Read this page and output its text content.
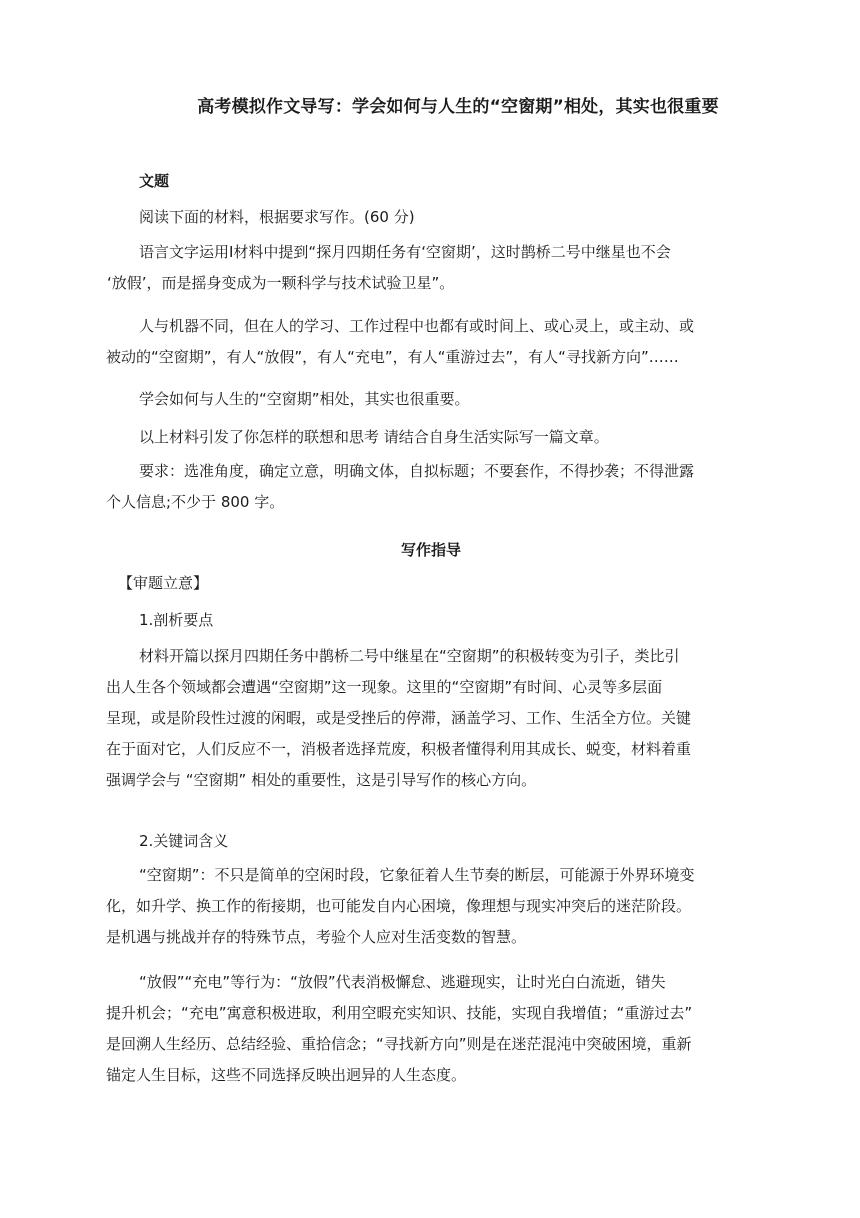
高考模拟作文导写：学会如何与人生的“空窗期”相处，其实也很重要
文题
阅读下面的材料，根据要求写作。(60 分)
语言文字运用Ⅰ材料中提到“探月四期任务有‘空窗期’，这时鹊桥二号中继星也不会
‘放假’，而是摇身变成为一颗科学与技术试验卫星”。
人与机器不同，但在人的学习、工作过程中也都有或时间上、或心灵上，或主动、或
被动的“空窗期”，有人“放假”，有人“充电”，有人“重游过去”，有人“寻找新方向”……
学会如何与人生的“空窗期”相处，其实也很重要。
以上材料引发了你怎样的联想和思考 请结合自身生活实际写一篇文章。
要求：选准角度，确定立意，明确文体，自拟标题；不要套作，不得抄袭；不得泄露
个人信息;不少于 800 字。
写作指导
【审题立意】
1.剖析要点
材料开篇以探月四期任务中鹊桥二号中继星在“空窗期”的积极转变为引子，类比引
出人生各个领域都会遭遇“空窗期”这一现象。这里的“空窗期”有时间、心灵等多层面
呈现，或是阶段性过渡的闲暇，或是受挫后的停滞，涵盖学习、工作、生活全方位。关键
在于面对它，人们反应不一，消极者选择荒废，积极者懂得利用其成长、蜕变，材料着重
强调学会与 “空窗期” 相处的重要性，这是引导写作的核心方向。
2.关键词含义
“空窗期”：不只是简单的空闲时段，它象征着人生节奏的断层，可能源于外界环境变
化，如升学、换工作的衔接期，也可能发自内心困境，像理想与现实冲突后的迷茫阶段。
是机遇与挑战并存的特殊节点，考验个人应对生活变数的智慧。
“放假”“充电”等行为：“放假”代表消极懈怠、逃避现实，让时光白白流逝，错失
提升机会；“充电”寓意积极进取，利用空暇充实知识、技能，实现自我增值；“重游过去”
是回溯人生经历、总结经验、重拾信念；“寻找新方向”则是在迷茫混沌中突破困境，重新
锚定人生目标，这些不同选择反映出迥异的人生态度。
